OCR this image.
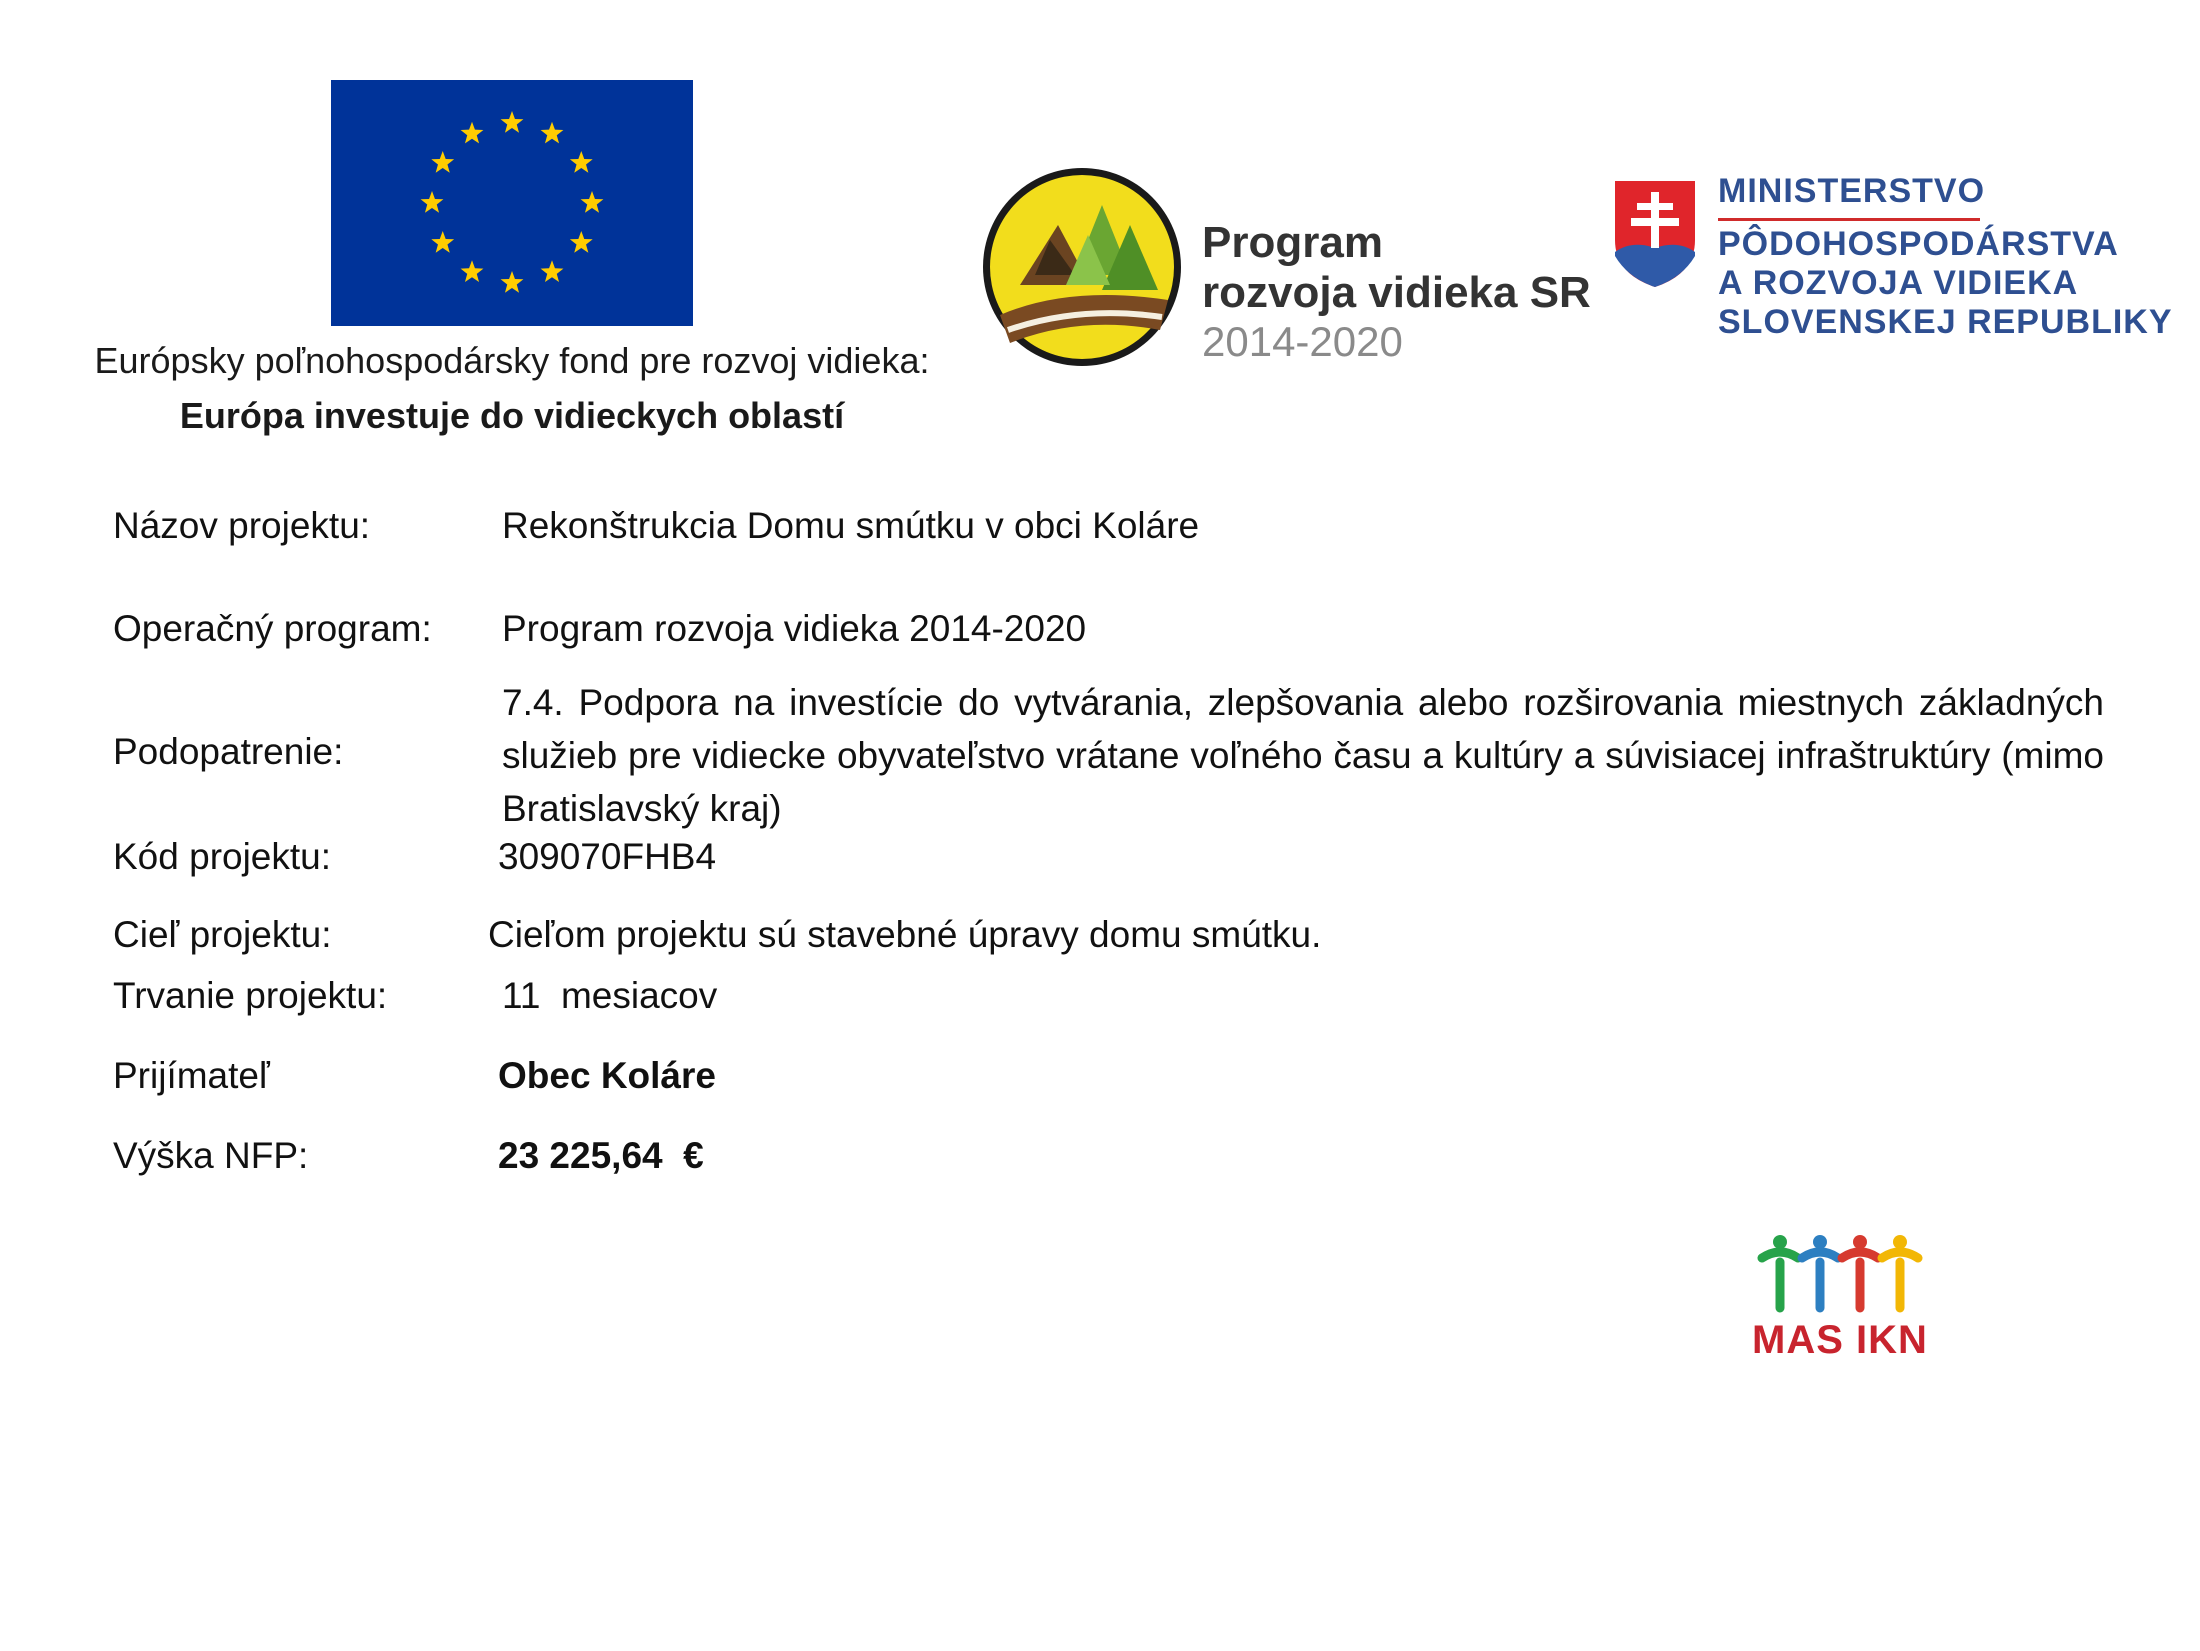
Európsky poľnohospodársky fond pre rozvoj vidieka:
Európa investuje do vidieckych oblastí
Program
rozvoja vidieka SR
2014-2020
MINISTERSTVO
PÔDOHOSPODÁRSTVA
A ROZVOJA VIDIEKA
SLOVENSKEJ REPUBLIKY
Názov projektu:	Rekonštrukcia Domu smútku v obci Koláre
Operačný program: Program rozvoja vidieka 2014-2020
Podopatrenie:
7.4. Podpora na investície do vytvárania, zlepšovania alebo rozširovania miestnych základných služieb pre vidiecke obyvateľstvo vrátane voľného času a kultúry a súvisiacej infraštruktúry (mimo Bratislavský kraj)
Kód projektu:	309070FHB4
Cieľ projektu:	Cieľom projektu sú stavebné úpravy domu smútku.
Trvanie projektu:	11  mesiacov
Prijímateľ	Obec Koláre
Výška NFP:	23 225,64  €
MAS IKN
